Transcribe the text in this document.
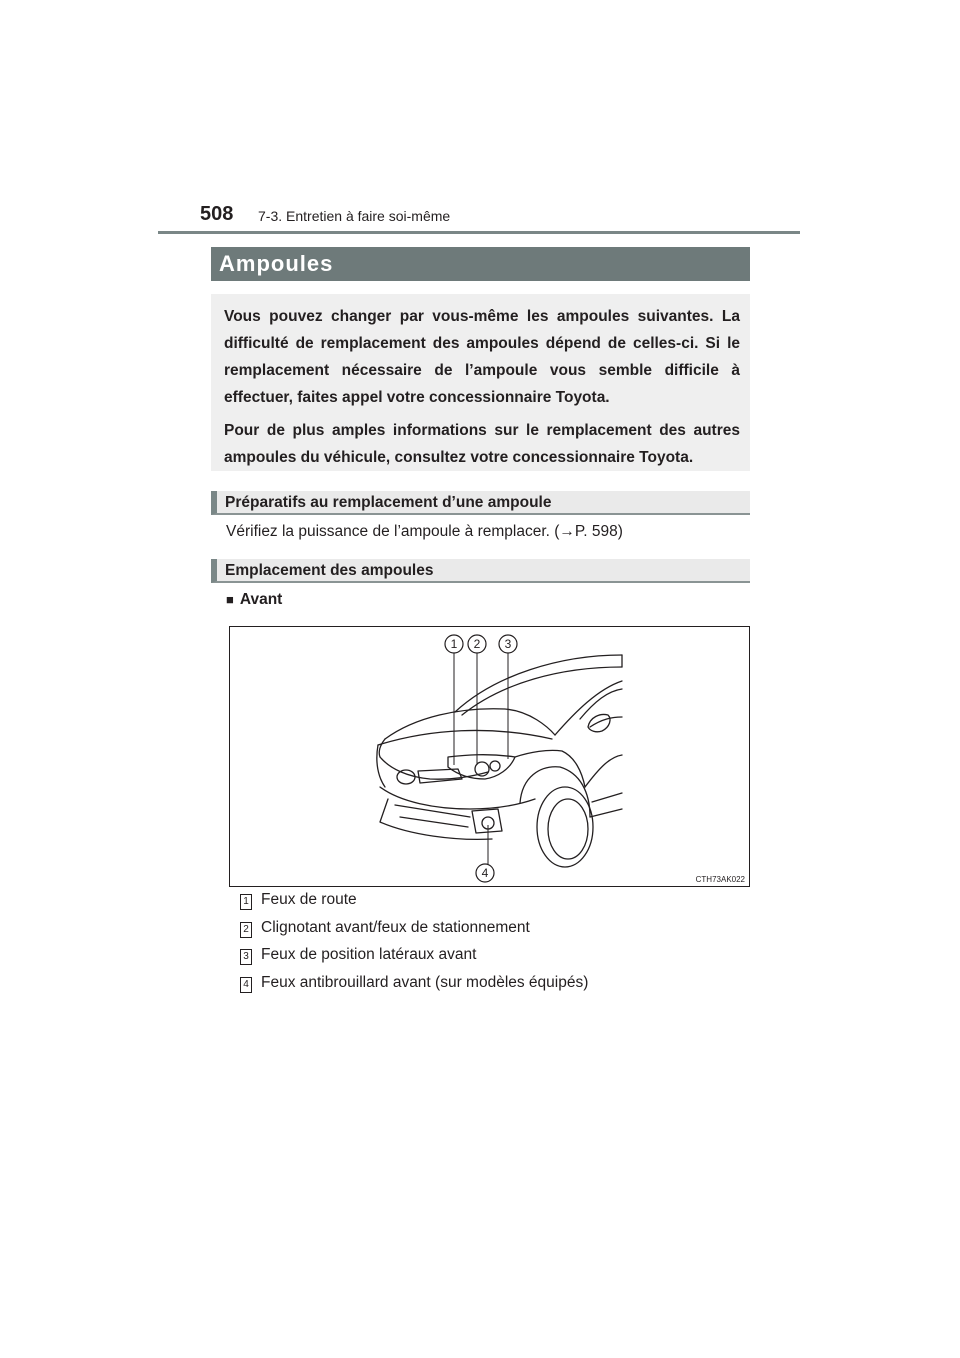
508 7-3. Entretien à faire soi-même
Ampoules

Vous pouvez changer par vous-même les ampoules suivantes. La difficulté de remplacement des ampoules dépend de celles-ci. Si le remplacement nécessaire de l’ampoule vous semble difficile à effectuer, faites appel votre concessionnaire Toyota.

Pour de plus amples informations sur le remplacement des autres ampoules du véhicule, consultez votre concessionnaire Toyota.

Préparatifs au remplacement d’une ampoule
Vérifiez la puissance de l’ampoule à remplacer. (→P. 598)
Emplacement des ampoules
■ Avant
1 2 3
4	CTH73AK022
1 Feux de route
2 Clignotant avant/feux de stationnement
3 Feux de position latéraux avant
4 Feux antibrouillard avant (sur modèles équipés)
